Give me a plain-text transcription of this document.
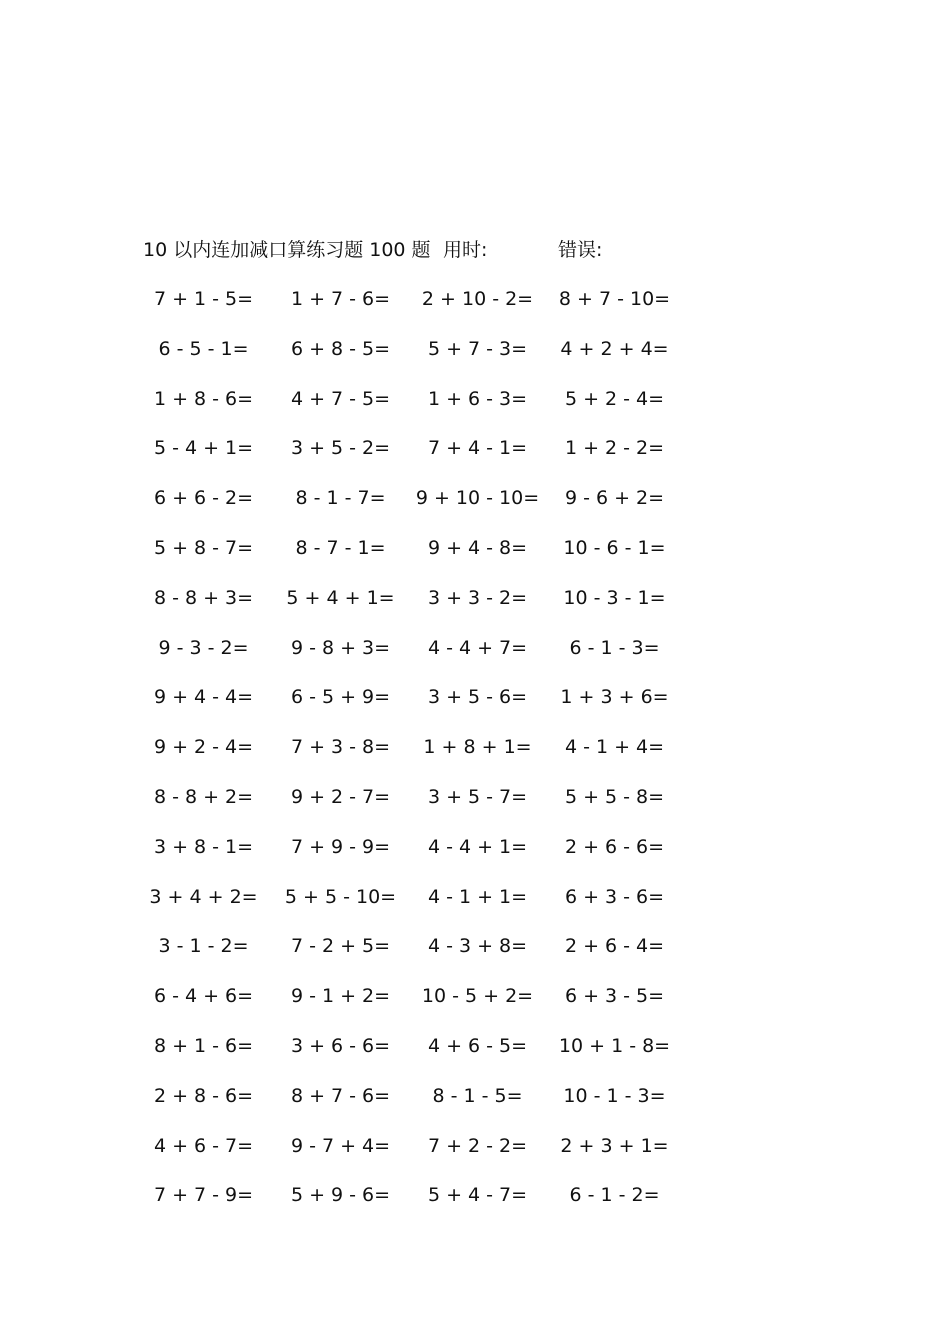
10 以内连加减口算练习题 100 题 用时:	错误:
7 + 1 - 5=	1 + 7 - 6=	2 + 10 - 2=	8 + 7 - 10=
6 - 5 - 1=	6 + 8 - 5=	5 + 7 - 3=	4 + 2 + 4=
1 + 8 - 6=	4 + 7 - 5=	1 + 6 - 3=	5 + 2 - 4=
5 - 4 + 1=	3 + 5 - 2=	7 + 4 - 1=	1 + 2 - 2=
6 + 6 - 2=	8 - 1 - 7=	9 + 10 - 10=	9 - 6 + 2=
5 + 8 - 7=	8 - 7 - 1=	9 + 4 - 8=	10 - 6 - 1=
8 - 8 + 3=	5 + 4 + 1=	3 + 3 - 2=	10 - 3 - 1=
9 - 3 - 2=	9 - 8 + 3=	4 - 4 + 7=	6 - 1 - 3=
9 + 4 - 4=	6 - 5 + 9=	3 + 5 - 6=	1 + 3 + 6=
9 + 2 - 4=	7 + 3 - 8=	1 + 8 + 1=	4 - 1 + 4=
8 - 8 + 2=	9 + 2 - 7=	3 + 5 - 7=	5 + 5 - 8=
3 + 8 - 1=	7 + 9 - 9=	4 - 4 + 1=	2 + 6 - 6=
3 + 4 + 2=	5 + 5 - 10=	4 - 1 + 1=	6 + 3 - 6=
3 - 1 - 2=	7 - 2 + 5=	4 - 3 + 8=	2 + 6 - 4=
6 - 4 + 6=	9 - 1 + 2=	10 - 5 + 2=	6 + 3 - 5=
8 + 1 - 6=	3 + 6 - 6=	4 + 6 - 5=	10 + 1 - 8=
2 + 8 - 6=	8 + 7 - 6=	8 - 1 - 5=	10 - 1 - 3=
4 + 6 - 7=	9 - 7 + 4=	7 + 2 - 2=	2 + 3 + 1=
7 + 7 - 9=	5 + 9 - 6=	5 + 4 - 7=	6 - 1 - 2=
